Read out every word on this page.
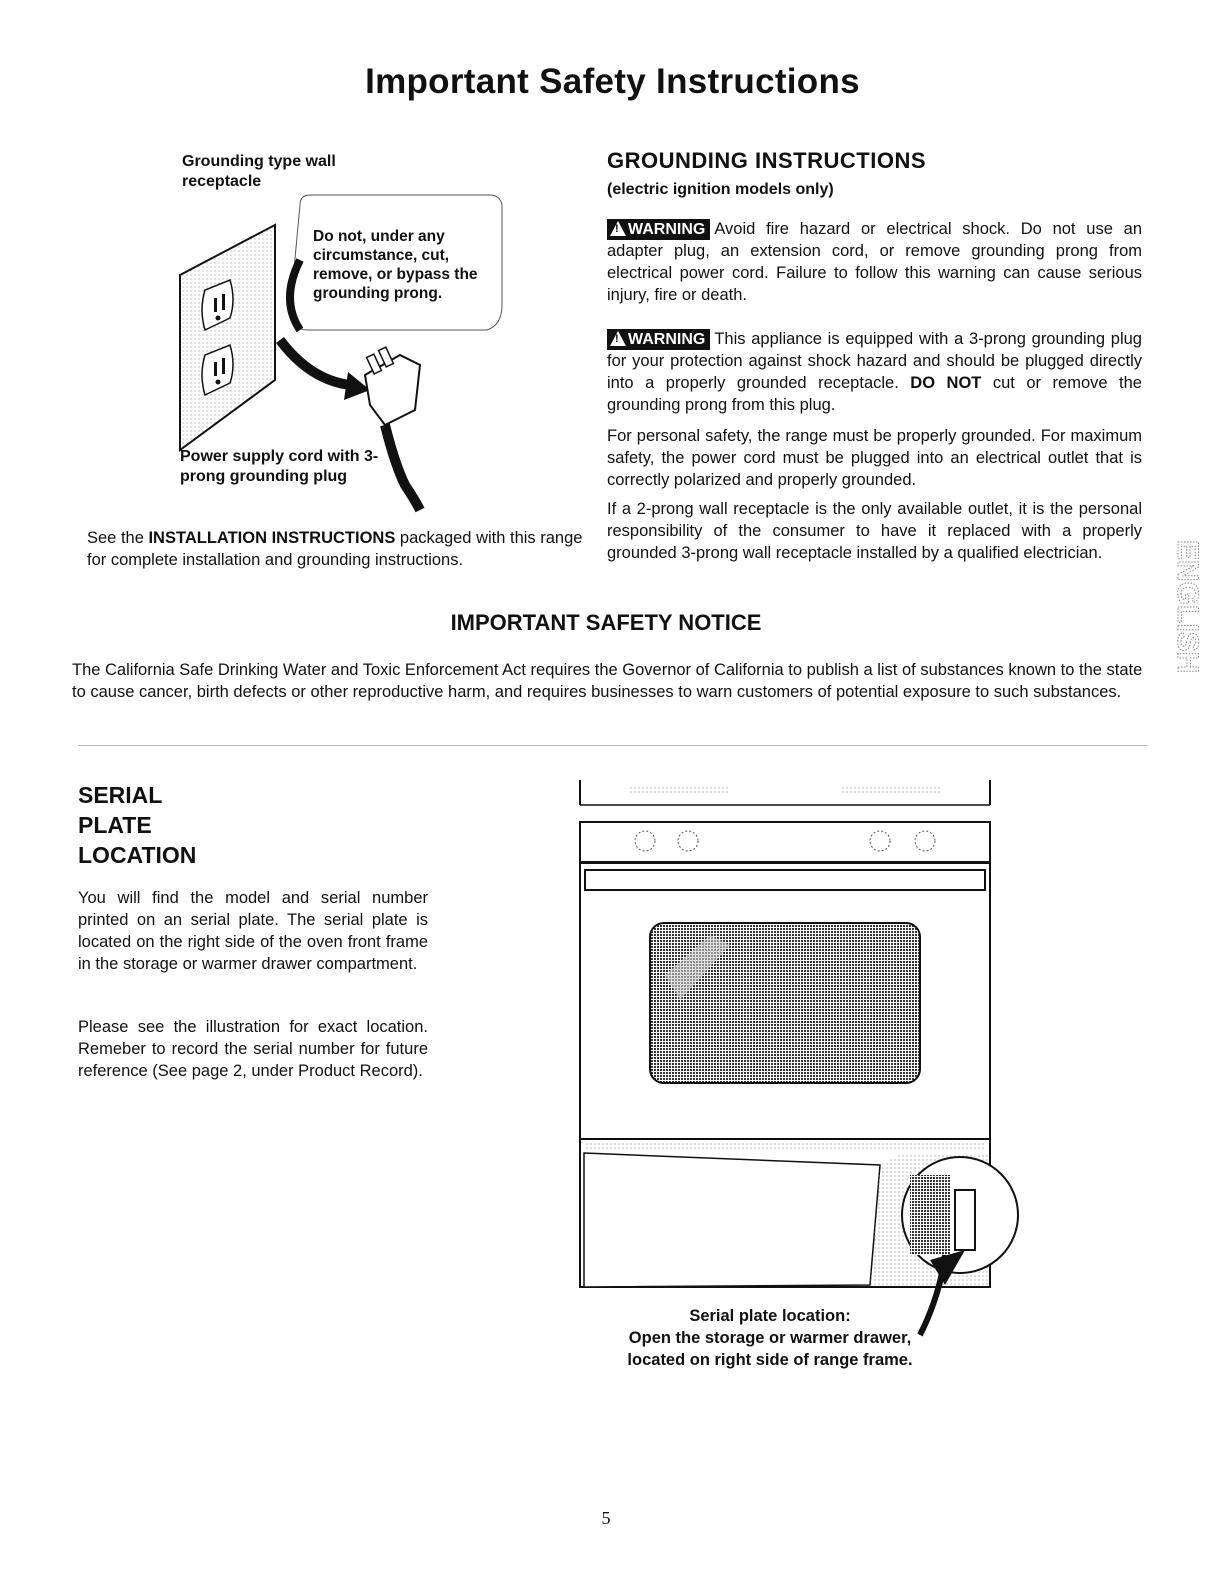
Important Safety Instructions
Grounding type wall receptacle
Do not, under any circumstance, cut, remove, or bypass the grounding prong.
Power supply cord with 3-prong grounding plug
See the INSTALLATION INSTRUCTIONS packaged with this range for complete installation and grounding instructions.
GROUNDING INSTRUCTIONS
(electric ignition models only)
!WARNING Avoid fire hazard or electrical shock. Do not use an adapter plug, an extension cord, or remove grounding prong from electrical power cord. Failure to follow this warning can cause serious injury, fire or death.
!WARNING This appliance is equipped with a 3-prong grounding plug for your protection against shock hazard and should be plugged directly into a properly grounded receptacle. DO NOT cut or remove the grounding prong from this plug.
For personal safety, the range must be properly grounded. For maximum safety, the power cord must be plugged into an electrical outlet that is correctly polarized and properly grounded.
If a 2-prong wall receptacle is the only available outlet, it is the personal responsibility of the consumer to have it replaced with a properly grounded 3-prong wall receptacle installed by a qualified electrician.	ENGLISH
IMPORTANT SAFETY NOTICE
The California Safe Drinking Water and Toxic Enforcement Act requires the Governor of California to publish a list of substances known to the state to cause cancer, birth defects or other reproductive harm, and requires businesses to warn customers of potential exposure to such substances.
SERIAL
PLATE
LOCATION
You will find the model and serial number printed on an serial plate. The serial plate is located on the right side of the oven front frame in the storage or warmer drawer compartment.
Please see the illustration for exact location. Remeber to record the serial number for future reference (See page 2, under Product Record).
Serial plate location:
Open the storage or warmer drawer,
located on right side of range frame.
5
